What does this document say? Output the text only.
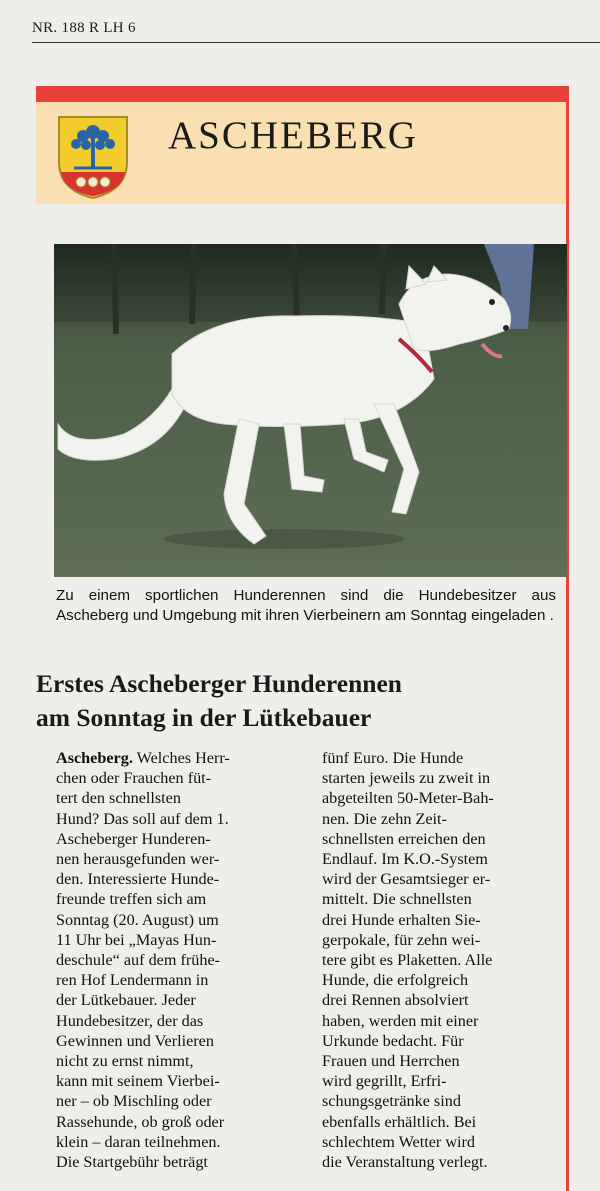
NR. 188 R LH 6
ASCHEBERG
Zu einem sportlichen Hunderennen sind die Hundebesitzer aus Ascheberg und Umgebung mit ihren Vierbeinern am Sonntag eingeladen .
Erstes Ascheberger Hunderennen
am Sonntag in der Lütkebauer
Ascheberg. Welches Herr-
chen oder Frauchen füt-
tert den schnellsten
Hund? Das soll auf dem 1.
Ascheberger Hunderen-
nen herausgefunden wer-
den. Interessierte Hunde-
freunde treffen sich am
Sonntag (20. August) um
11 Uhr bei „Mayas Hun-
deschule“ auf dem frühe-
ren Hof Lendermann in
der Lütkebauer. Jeder
Hundebesitzer, der das
Gewinnen und Verlieren
nicht zu ernst nimmt,
kann mit seinem Vierbei-
ner – ob Mischling oder
Rassehunde, ob groß oder
klein – daran teilnehmen.
Die Startgebühr beträgt
fünf Euro. Die Hunde
starten jeweils zu zweit in
abgeteilten 50-Meter-Bah-
nen. Die zehn Zeit-
schnellsten erreichen den
Endlauf. Im K.O.-System
wird der Gesamtsieger er-
mittelt. Die schnellsten
drei Hunde erhalten Sie-
gerpokale, für zehn wei-
tere gibt es Plaketten. Alle
Hunde, die erfolgreich
drei Rennen absolviert
haben, werden mit einer
Urkunde bedacht. Für
Frauen und Herrchen
wird gegrillt, Erfri-
schungsgetränke sind
ebenfalls erhältlich. Bei
schlechtem Wetter wird
die Veranstaltung verlegt.
